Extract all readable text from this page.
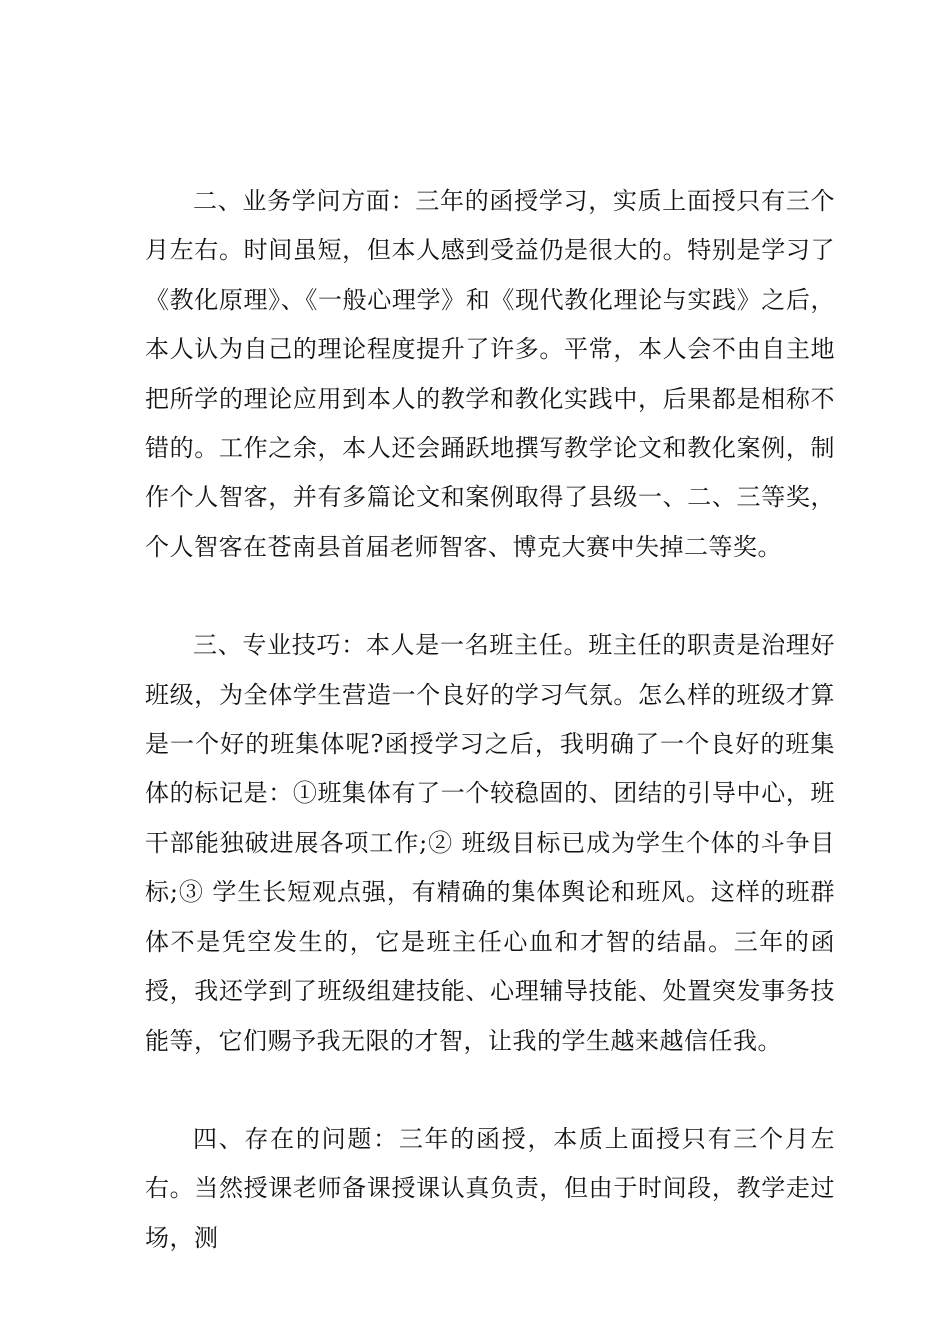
二、业务学问方面：三年的函授学习，实质上面授只有三个月左右。时间虽短，但本人感到受益仍是很大的。特别是学习了《教化原理》、《一般心理学》和《现代教化理论与实践》之后，本人认为自己的理论程度提升了许多。平常，本人会不由自主地把所学的理论应用到本人的教学和教化实践中，后果都是相称不错的。工作之余，本人还会踊跃地撰写教学论文和教化案例，制作个人智客，并有多篇论文和案例取得了县级一、二、三等奖，个人智客在苍南县首届老师智客、博克大赛中失掉二等奖。

三、专业技巧：本人是一名班主任。班主任的职责是治理好班级，为全体学生营造一个良好的学习气氛。怎么样的班级才算是一个好的班集体呢?函授学习之后，我明确了一个良好的班集体的标记是：①班集体有了一个较稳固的、团结的引导中心，班干部能独破进展各项工作;② 班级目标已成为学生个体的斗争目标;③ 学生长短观点强，有精确的集体舆论和班风。这样的班群体不是凭空发生的，它是班主任心血和才智的结晶。三年的函授，我还学到了班级组建技能、心理辅导技能、处置突发事务技能等，它们赐予我无限的才智，让我的学生越来越信任我。

四、存在的问题：三年的函授，本质上面授只有三个月左右。当然授课老师备课授课认真负责，但由于时间段，教学走过场，测
